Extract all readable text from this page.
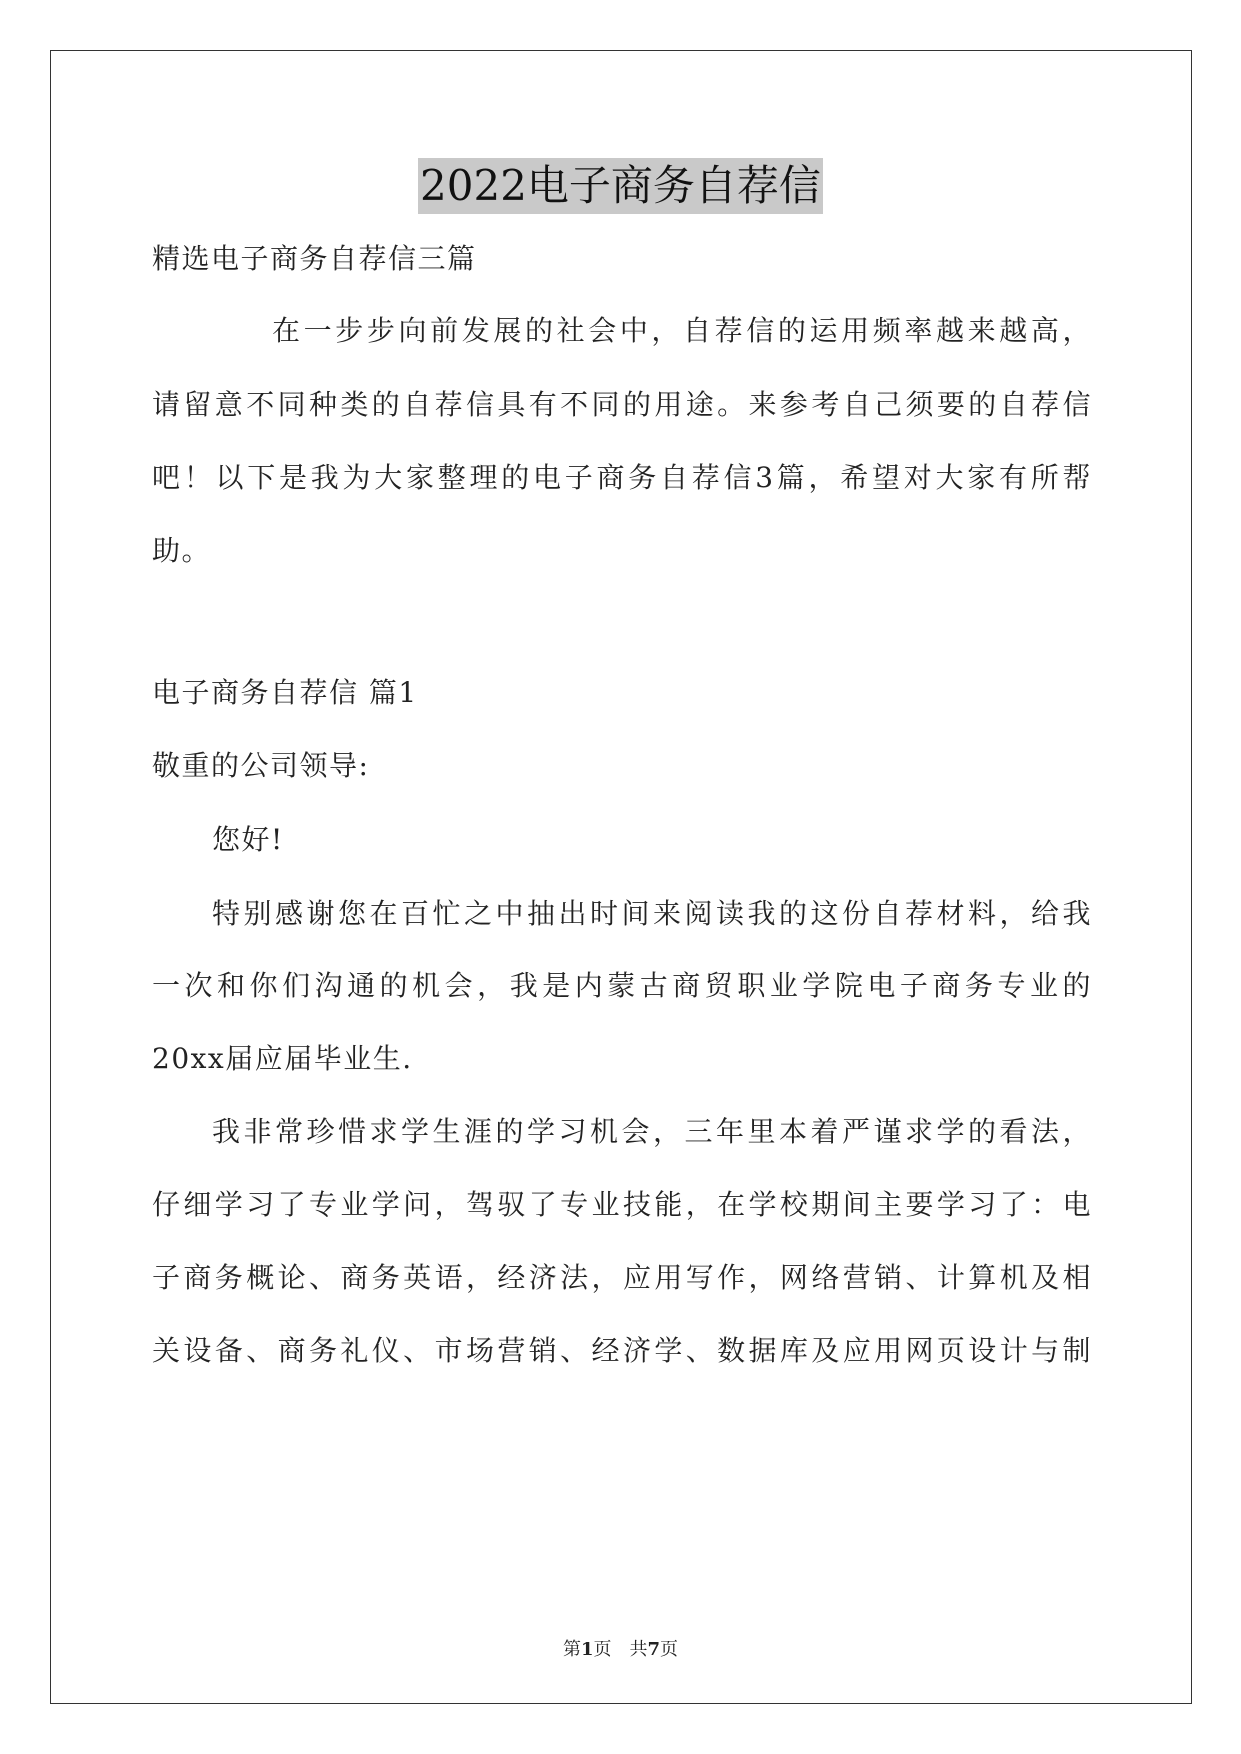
2022电子商务自荐信
精选电子商务自荐信三篇
在一步步向前发展的社会中，自荐信的运用频率越来越高，
请留意不同种类的自荐信具有不同的用途。来参考自己须要的自荐信
吧！以下是我为大家整理的电子商务自荐信3篇，希望对大家有所帮
助。
电子商务自荐信 篇1
敬重的公司领导:
您好!
特别感谢您在百忙之中抽出时间来阅读我的这份自荐材料，给我
一次和你们沟通的机会，我是内蒙古商贸职业学院电子商务专业的
20xx届应届毕业生.
我非常珍惜求学生涯的学习机会，三年里本着严谨求学的看法，
仔细学习了专业学问，驾驭了专业技能，在学校期间主要学习了：电
子商务概论、商务英语，经济法，应用写作，网络营销、计算机及相
关设备、商务礼仪、市场营销、经济学、数据库及应用网页设计与制
第1页　共7页
